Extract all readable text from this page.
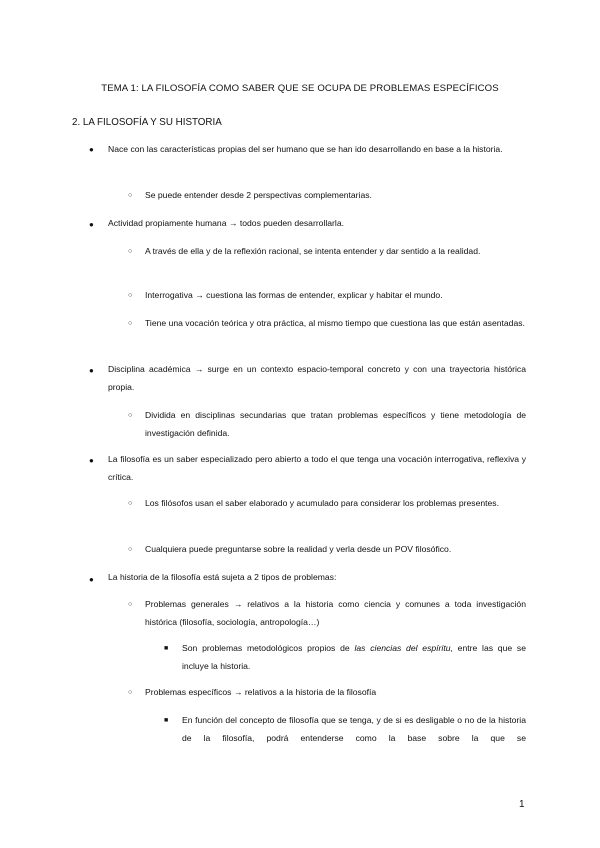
TEMA 1: LA FILOSOFÍA COMO SABER QUE SE OCUPA DE PROBLEMAS ESPECÍFICOS
2. LA FILOSOFÍA Y SU HISTORIA
● Nace con las características propias del ser humano que se han ido desarrollando en base a la historia.
○ Se puede entender desde 2 perspectivas complementarias.
● Actividad propiamente humana → todos pueden desarrollarla.
○ A través de ella y de la reflexión racional, se intenta entender y dar sentido a la realidad.
○ Interrogativa → cuestiona las formas de entender, explicar y habitar el mundo.
○ Tiene una vocación teórica y otra práctica, al mismo tiempo que cuestiona las que están asentadas.
● Disciplina académica → surge en un contexto espacio-temporal concreto y con una trayectoria histórica propia.
○ Dividida en disciplinas secundarias que tratan problemas específicos y tiene metodología de investigación definida.
● La filosofía es un saber especializado pero abierto a todo el que tenga una vocación interrogativa, reflexiva y crítica.
○ Los filósofos usan el saber elaborado y acumulado para considerar los problemas presentes.
○ Cualquiera puede preguntarse sobre la realidad y verla desde un POV filosófico.
● La historia de la filosofía está sujeta a 2 tipos de problemas:
○ Problemas generales → relativos a la historia como ciencia y comunes a toda investigación histórica (filosofía, sociología, antropología…)
■ Son problemas metodológicos propios de las ciencias del espíritu, entre las que se incluye la historia.
○ Problemas específicos → relativos a la historia de la filosofía
■ En función del concepto de filosofía que se tenga, y de si es desligable o no de la historia de la filosofía, podrá entenderse como la base sobre la que se
1
